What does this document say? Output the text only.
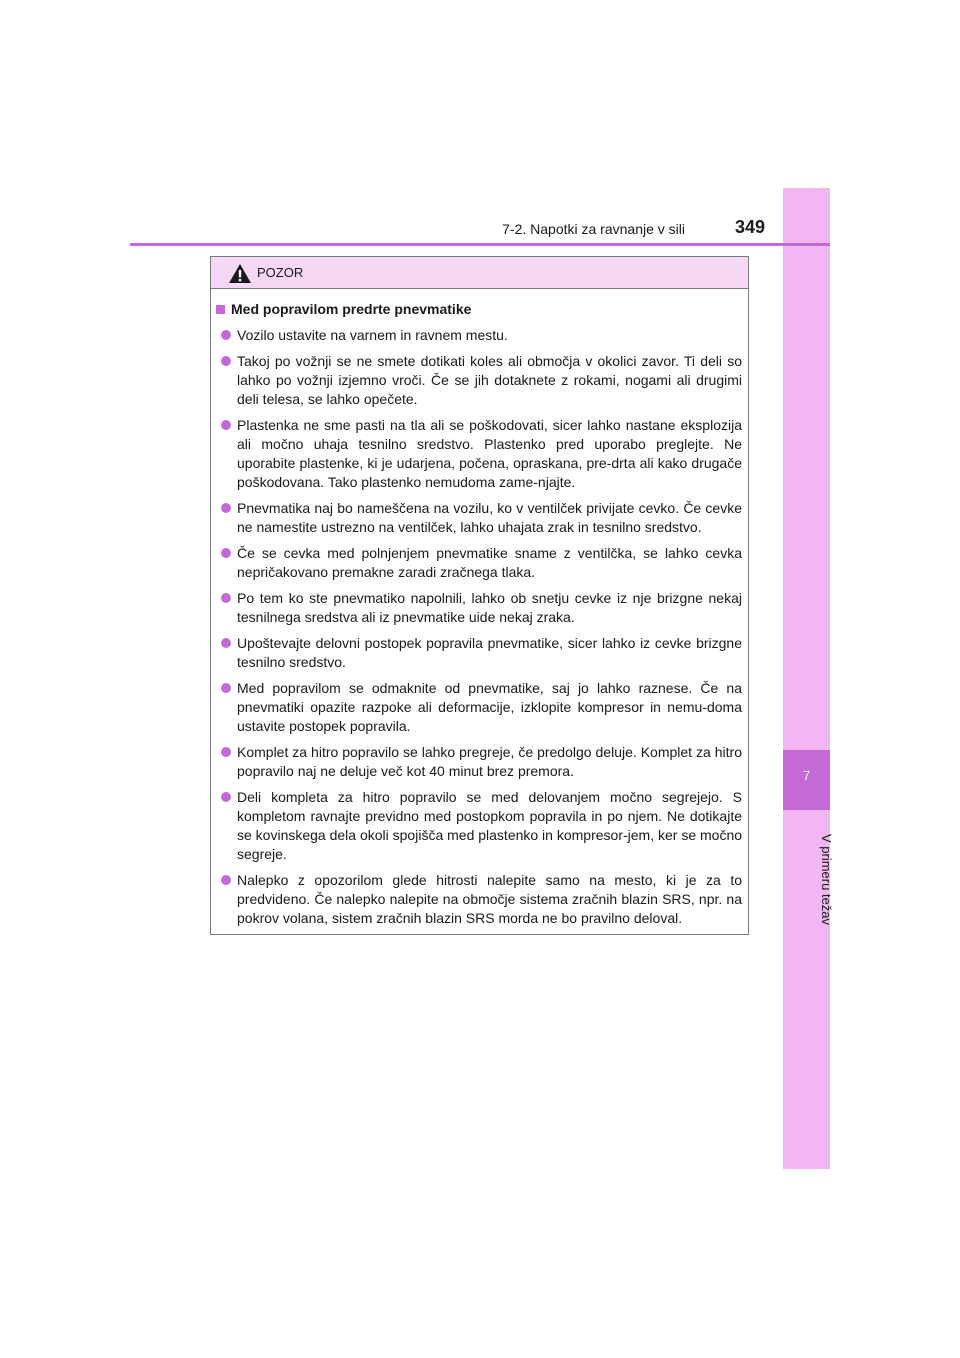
7
V primeru težav
7-2. Napotki za ravnanje v sili	349
POZOR
Med popravilom predrte pnevmatike
Vozilo ustavite na varnem in ravnem mestu.
Takoj po vožnji se ne smete dotikati koles ali območja v okolici zavor. Ti deli so lahko po vožnji izjemno vroči. Če se jih dotaknete z rokami, nogami ali drugimi deli telesa, se lahko opečete.
Plastenka ne sme pasti na tla ali se poškodovati, sicer lahko nastane eksplozija ali močno uhaja tesnilno sredstvo. Plastenko pred uporabo preglejte. Ne uporabite plastenke, ki je udarjena, počena, opraskana, pre-drta ali kako drugače poškodovana. Tako plastenko nemudoma zame-njajte.
Pnevmatika naj bo nameščena na vozilu, ko v ventilček privijate cevko. Če cevke ne namestite ustrezno na ventilček, lahko uhajata zrak in tesnilno sredstvo.
Če se cevka med polnjenjem pnevmatike sname z ventilčka, se lahko cevka nepričakovano premakne zaradi zračnega tlaka.
Po tem ko ste pnevmatiko napolnili, lahko ob snetju cevke iz nje brizgne nekaj tesnilnega sredstva ali iz pnevmatike uide nekaj zraka.
Upoštevajte delovni postopek popravila pnevmatike, sicer lahko iz cevke brizgne tesnilno sredstvo.
Med popravilom se odmaknite od pnevmatike, saj jo lahko raznese. Če na pnevmatiki opazite razpoke ali deformacije, izklopite kompresor in nemu-doma ustavite postopek popravila.
Komplet za hitro popravilo se lahko pregreje, če predolgo deluje. Komplet za hitro popravilo naj ne deluje več kot 40 minut brez premora.
Deli kompleta za hitro popravilo se med delovanjem močno segrejejo. S kompletom ravnajte previdno med postopkom popravila in po njem. Ne dotikajte se kovinskega dela okoli spojišča med plastenko in kompresor-jem, ker se močno segreje.
Nalepko z opozorilom glede hitrosti nalepite samo na mesto, ki je za to predvideno. Če nalepko nalepite na območje sistema zračnih blazin SRS, npr. na pokrov volana, sistem zračnih blazin SRS morda ne bo pravilno deloval.
